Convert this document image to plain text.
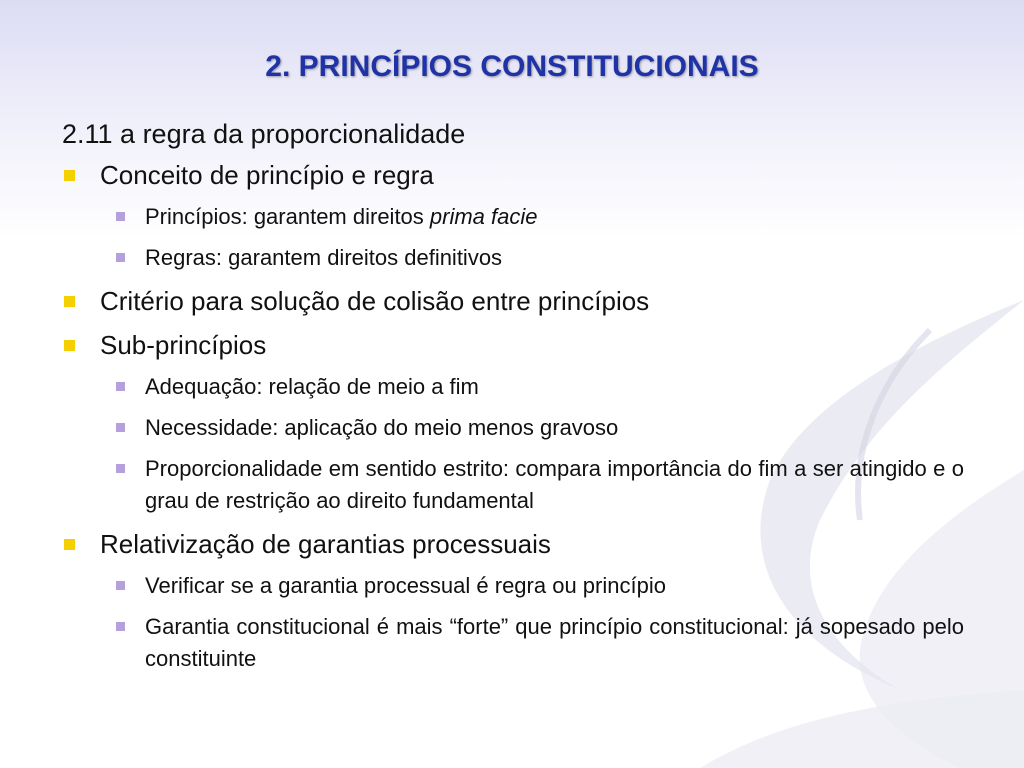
2. PRINCÍPIOS CONSTITUCIONAIS
2.11 a regra da proporcionalidade
Conceito de princípio e regra
Princípios: garantem direitos prima facie
Regras: garantem direitos definitivos
Critério para solução de colisão entre princípios
Sub-princípios
Adequação: relação de meio a fim
Necessidade: aplicação do meio menos gravoso
Proporcionalidade em sentido estrito: compara importância do fim a ser atingido e o grau de restrição ao direito fundamental
Relativização de garantias processuais
Verificar se a garantia processual é regra ou princípio
Garantia constitucional é mais “forte” que princípio constitucional: já sopesado pelo constituinte
